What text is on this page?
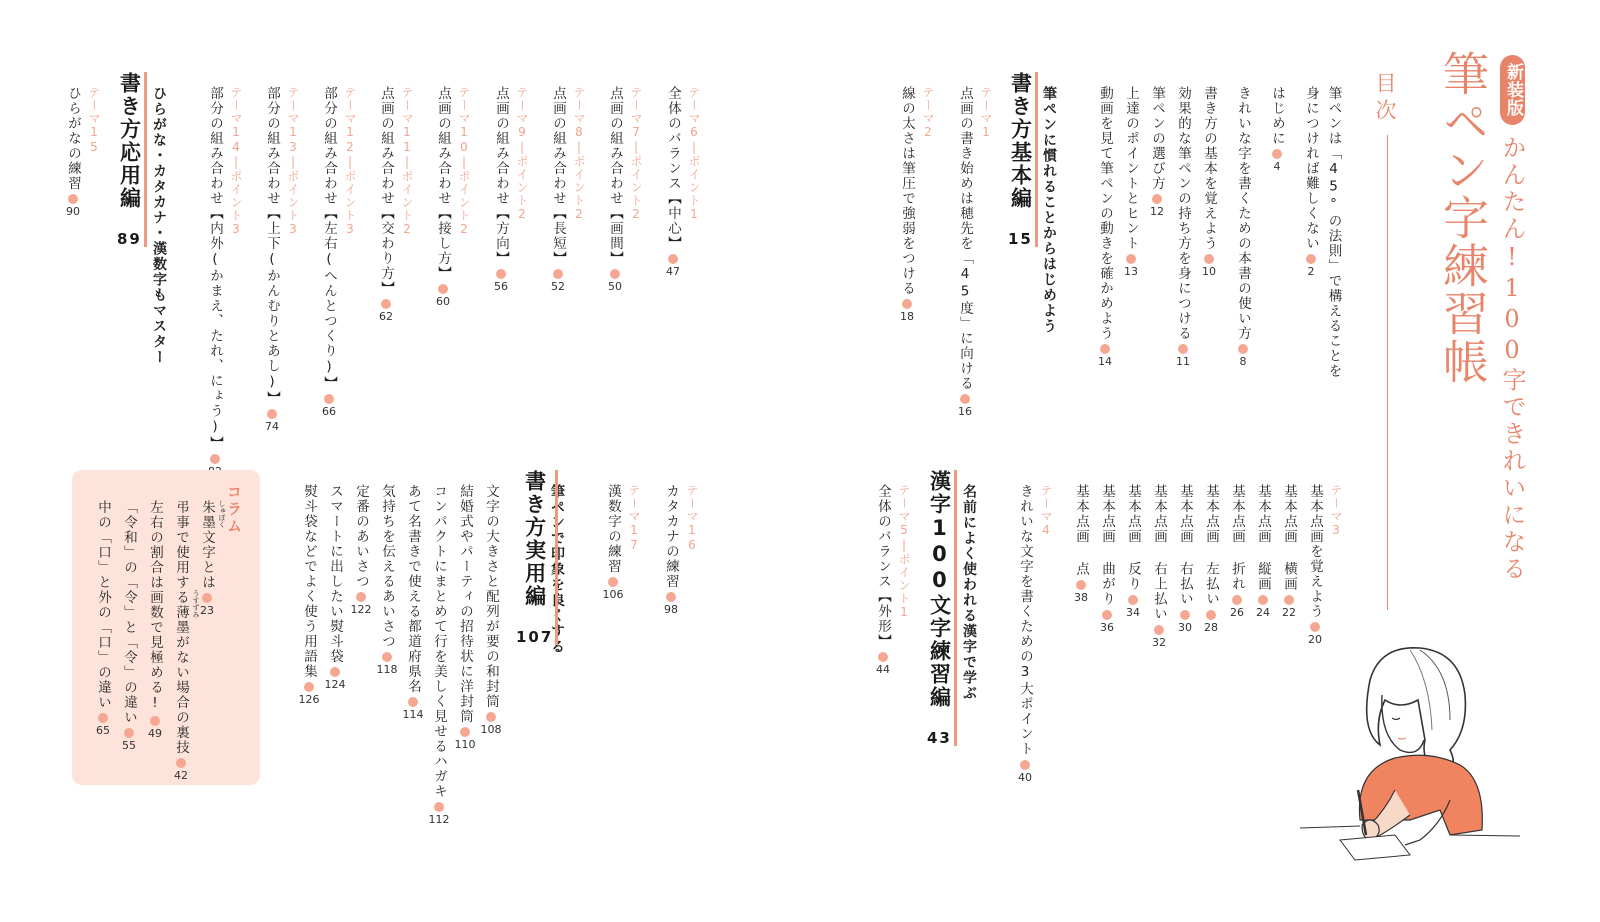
新装版
かんたん!100字できれいになる
筆ペン字練習帳
目次
筆ペンは「45°の法則」で構えることを
身につければ難しくない2
はじめに4
きれいな字を書くための本書の使い方8
書き方の基本を覚えよう10
効果的な筆ペンの持ち方を身につける11
筆ペンの選び方12
上達のポイントとヒント13
動画を見て筆ペンの動きを確かめよう14
筆ペンに慣れることからはじめよう
書き方基本編15
テーマ1
点画の書き始めは穂先を「45度」に向ける16
テーマ2
線の太さは筆圧で強弱をつける18
テーマ3
基本点画を覚えよう20
基本点画 横画22
基本点画 縦画24
基本点画 折れ26
基本点画 左払い28
基本点画 右払い30
基本点画 右上払い32
基本点画 反り34
基本点画 曲がり36
基本点画 点38
テーマ4
きれいな文字を書くための3大ポイント40
名前によく使われる漢字で学ぶ
漢字100文字練習編43
テーマ5|ポイント1
全体のバランス【外形】44
テーマ6|ポイント1
全体のバランス【中心】47
テーマ7|ポイント2
点画の組み合わせ【画間】50
テーマ8|ポイント2
点画の組み合わせ【長短】52
テーマ9|ポイント2
点画の組み合わせ【方向】56
テーマ10|ポイント2
点画の組み合わせ【接し方】60
テーマ11|ポイント2
点画の組み合わせ【交わり方】62
テーマ12|ポイント3
部分の組み合わせ【左右(へんとつくり)】66
テーマ13|ポイント3
部分の組み合わせ【上下(かんむりとあし)】74
テーマ14|ポイント3
部分の組み合わせ【内外(かまえ、たれ、にょう)】
ひらがな・カタカナ・漢数字もマスター
書き方応用編89
テーマ15
ひらがなの練習90
テーマ16
カタカナの練習98
テーマ17
漢数字の練習106
筆ペンで印象を良くする
書き方実用編107
文字の大きさと配列が要の和封筒108
結婚式やパーティの招待状に洋封筒110
コンパクトにまとめて行を美しく見せるハガキ112
あて名書きで使える都道府県名114
気持ちを伝えるあいさつ118
定番のあいさつ122
スマートに出したい熨斗袋124
熨斗袋などでよく使う用語集126
コラム
しゅぼく
朱墨文字とは23
うすずみ
弔事で使用する薄墨がない場合の裏技42
左右の割合は画数で見極める!49
「令和」の「令」と「令」の違い55
中の「口」と外の「口」の違い65
